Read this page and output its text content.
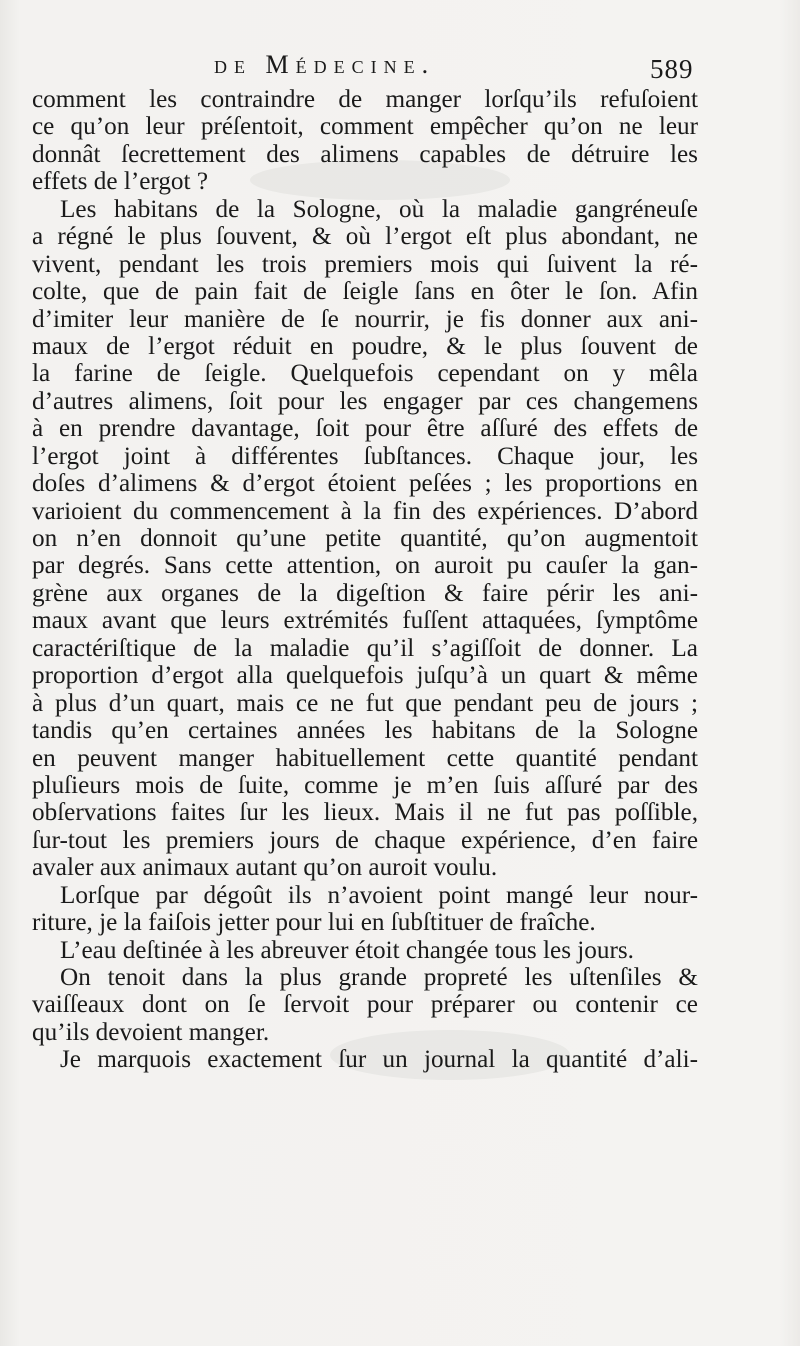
de Médecine.	589
comment les contraindre de manger lorſqu’ils refuſoient
ce qu’on leur préſentoit, comment empêcher qu’on ne leur
donnât ſecrettement des alimens capables de détruire les
effets de l’ergot ?
Les habitans de la Sologne, où la maladie gangréneuſe
a régné le plus ſouvent, & où l’ergot eſt plus abondant, ne
vivent, pendant les trois premiers mois qui ſuivent la ré-
colte, que de pain fait de ſeigle ſans en ôter le ſon. Afin
d’imiter leur manière de ſe nourrir, je fis donner aux ani-
maux de l’ergot réduit en poudre, & le plus ſouvent de
la farine de ſeigle. Quelquefois cependant on y mêla
d’autres alimens, ſoit pour les engager par ces changemens
à en prendre davantage, ſoit pour être aſſuré des effets de
l’ergot joint à différentes ſubſtances. Chaque jour, les
doſes d’alimens & d’ergot étoient peſées ; les proportions en
varioient du commencement à la fin des expériences. D’abord
on n’en donnoit qu’une petite quantité, qu’on augmentoit
par degrés. Sans cette attention, on auroit pu cauſer la gan-
grène aux organes de la digeſtion & faire périr les ani-
maux avant que leurs extrémités fuſſent attaquées, ſymptôme
caractériſtique de la maladie qu’il s’agiſſoit de donner. La
proportion d’ergot alla quelquefois juſqu’à un quart & même
à plus d’un quart, mais ce ne fut que pendant peu de jours ;
tandis qu’en certaines années les habitans de la Sologne
en peuvent manger habituellement cette quantité pendant
pluſieurs mois de ſuite, comme je m’en ſuis aſſuré par des
obſervations faites ſur les lieux. Mais il ne fut pas poſſible,
ſur-tout les premiers jours de chaque expérience, d’en faire
avaler aux animaux autant qu’on auroit voulu.
Lorſque par dégoût ils n’avoient point mangé leur nour-
riture, je la faiſois jetter pour lui en ſubſtituer de fraîche.
L’eau deſtinée à les abreuver étoit changée tous les jours.
On tenoit dans la plus grande propreté les uſtenſiles &
vaiſſeaux dont on ſe ſervoit pour préparer ou contenir ce
qu’ils devoient manger.
Je marquois exactement ſur un journal la quantité d’ali-
